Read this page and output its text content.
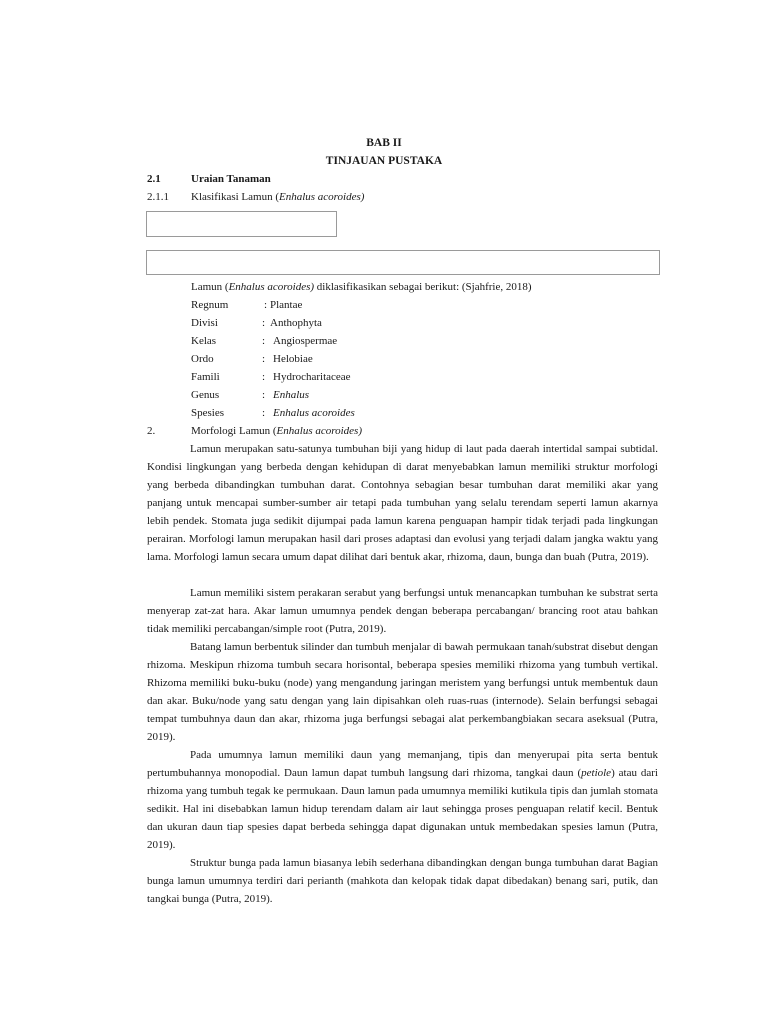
BAB II
TINJAUAN PUSTAKA
2.1	Uraian Tanaman
2.1.1 Klasifikasi Lamun (Enhalus acoroides)
Lamun (Enhalus acoroides) diklasifikasikan sebagai berikut: (Sjahfrie, 2018)
Regnum	: Plantae
Divisi	: Anthophyta
Kelas	: Angiospermae
Ordo	: Helobiae
Famili	: Hydrocharitaceae
Genus	: Enhalus
Spesies	: Enhalus acoroides
2.	Morfologi Lamun (Enhalus acoroides)

Lamun merupakan satu-satunya tumbuhan biji yang hidup di laut pada daerah intertidal sampai subtidal. Kondisi lingkungan yang berbeda dengan kehidupan di darat menyebabkan lamun memiliki struktur morfologi yang berbeda dibandingkan tumbuhan darat. Contohnya sebagian besar tumbuhan darat memiliki akar yang panjang untuk mencapai sumber-sumber air tetapi pada tumbuhan yang selalu terendam seperti lamun akarnya lebih pendek. Stomata juga sedikit dijumpai pada lamun karena penguapan hampir tidak terjadi pada lingkungan perairan. Morfologi lamun merupakan hasil dari proses adaptasi dan evolusi yang terjadi dalam jangka waktu yang lama. Morfologi lamun secara umum dapat dilihat dari bentuk akar, rhizoma, daun, bunga dan buah (Putra, 2019).

Lamun memiliki sistem perakaran serabut yang berfungsi untuk menancapkan tumbuhan ke substrat serta menyerap zat-zat hara. Akar lamun umumnya pendek dengan beberapa percabangan/ brancing root atau bahkan tidak memiliki percabangan/simple root (Putra, 2019).

Batang lamun berbentuk silinder dan tumbuh menjalar di bawah permukaan tanah/substrat disebut dengan rhizoma. Meskipun rhizoma tumbuh secara horisontal, beberapa spesies memiliki rhizoma yang tumbuh vertikal. Rhizoma memiliki buku-buku (node) yang mengandung jaringan meristem yang berfungsi untuk membentuk daun dan akar. Buku/node yang satu dengan yang lain dipisahkan oleh ruas-ruas (internode). Selain berfungsi sebagai tempat tumbuhnya daun dan akar, rhizoma juga berfungsi sebagai alat perkembangbiakan secara aseksual (Putra, 2019).

Pada umumnya lamun memiliki daun yang memanjang, tipis dan menyerupai pita serta bentuk pertumbuhannya monopodial. Daun lamun dapat tumbuh langsung dari rhizoma, tangkai daun (petiole) atau dari rhizoma yang tumbuh tegak ke permukaan. Daun lamun pada umumnya memiliki kutikula tipis dan jumlah stomata sedikit. Hal ini disebabkan lamun hidup terendam dalam air laut sehingga proses penguapan relatif kecil. Bentuk dan ukuran daun tiap spesies dapat berbeda sehingga dapat digunakan untuk membedakan spesies lamun (Putra, 2019).

Struktur bunga pada lamun biasanya lebih sederhana dibandingkan dengan bunga tumbuhan darat Bagian bunga lamun umumnya terdiri dari perianth (mahkota dan kelopak tidak dapat dibedakan) benang sari, putik, dan tangkai bunga (Putra, 2019).
